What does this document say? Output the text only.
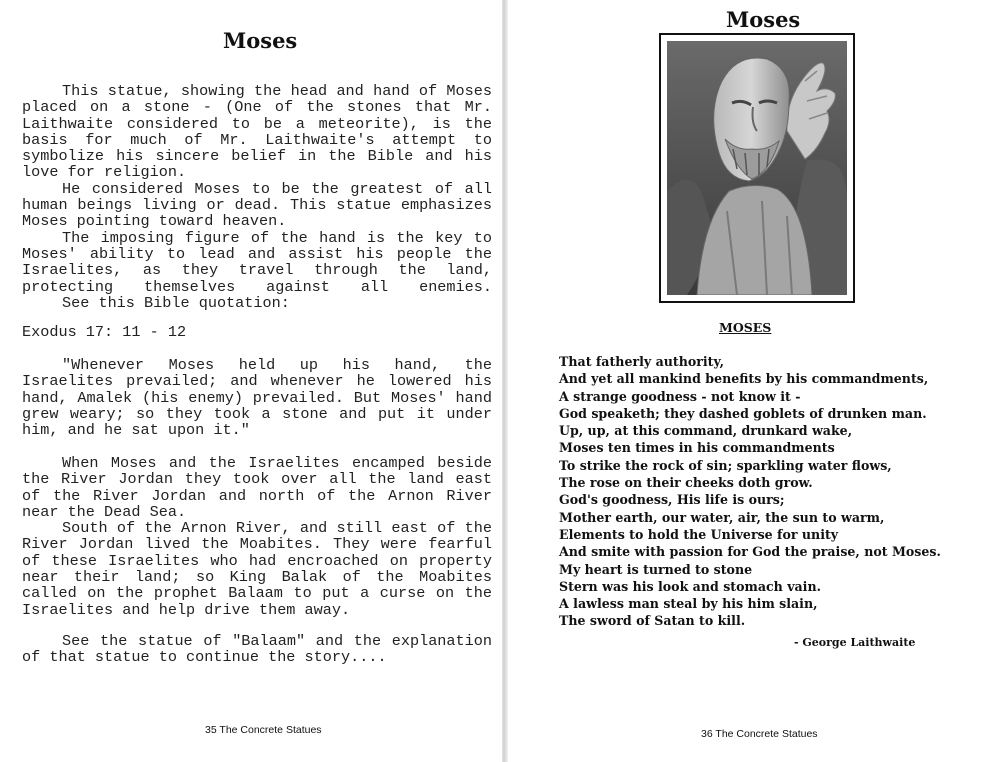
Moses

This statue, showing the head and hand of Moses placed on a stone - (One of the stones that Mr. Laithwaite considered to be a meteorite), is the basis for much of Mr. Laithwaite's attempt to symbolize his sincere belief in the Bible and his love for religion.

He considered Moses to be the greatest of all human beings living or dead. This statue emphasizes Moses pointing toward heaven.

The imposing figure of the hand is the key to Moses' ability to lead and assist his people the Israelites, as they travel through the land, protecting themselves against all enemies.

See this Bible quotation:

Exodus 17: 11 - 12

"Whenever Moses held up his hand, the Israelites prevailed; and whenever he lowered his hand, Amalek (his enemy) prevailed. But Moses' hand grew weary; so they took a stone and put it under him, and he sat upon it."

When Moses and the Israelites encamped beside the River Jordan they took over all the land east of the River Jordan and north of the Arnon River near the Dead Sea.

South of the Arnon River, and still east of the River Jordan lived the Moabites. They were fearful of these Israelites who had encroached on property near their land; so King Balak of the Moabites called on the prophet Balaam to put a curse on the Israelites and help drive them away.

See the statue of "Balaam" and the explanation of that statue to continue the story....

35 The Concrete Statues
Moses
MOSES
That fatherly authority,
And yet all mankind benefits by his commandments,
A strange goodness - not know it -
God speaketh; they dashed goblets of drunken man.
Up, up, at this command, drunkard wake,
Moses ten times in his commandments
To strike the rock of sin; sparkling water flows,
The rose on their cheeks doth grow.
God's goodness, His life is ours;
Mother earth, our water, air, the sun to warm,
Elements to hold the Universe for unity
And smite with passion for God the praise, not Moses.
My heart is turned to stone
Stern was his look and stomach vain.
A lawless man steal by his him slain,
The sword of Satan to kill.
- George Laithwaite
36 The Concrete Statues
